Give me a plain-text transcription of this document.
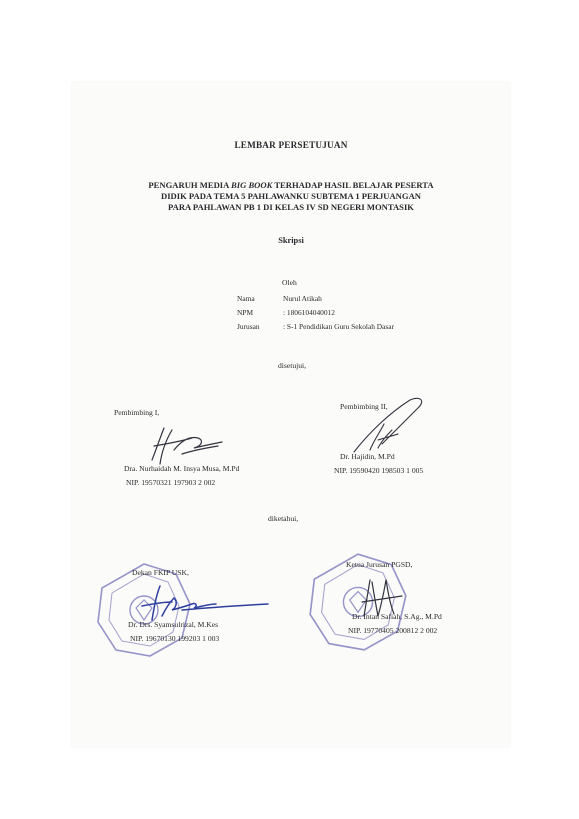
LEMBAR PERSETUJUAN
PENGARUH MEDIA BIG BOOK TERHADAP HASIL BELAJAR PESERTA
DIDIK PADA TEMA 5 PAHLAWANKU SUBTEMA 1 PERJUANGAN
PARA PAHLAWAN PB 1 DI KELAS IV SD NEGERI MONTASIK
Skripsi
Oleh
Nama	Nurul Atikah
NPM	: 1806104040012
Jurusan	: S-1 Pendidikan Guru Sekolah Dasar
disetujui,
Pembimbing I,
Dra. Nurhaidah M. Insya Musa, M.Pd
NIP. 19570321 197903 2 002
Pembimbing II,
Dr. Hajidin, M.Pd
NIP. 19590420 198503 1 005
diketahui,
Dekan FKIP USK,
Dr. Drs. Syamsulrizal, M.Kes
NIP. 19670130 199203 1 003
Ketua Jurusan PGSD,
Dr. Intan Safiah, S.Ag., M.Pd
NIP. 19770405 200812 2 002
